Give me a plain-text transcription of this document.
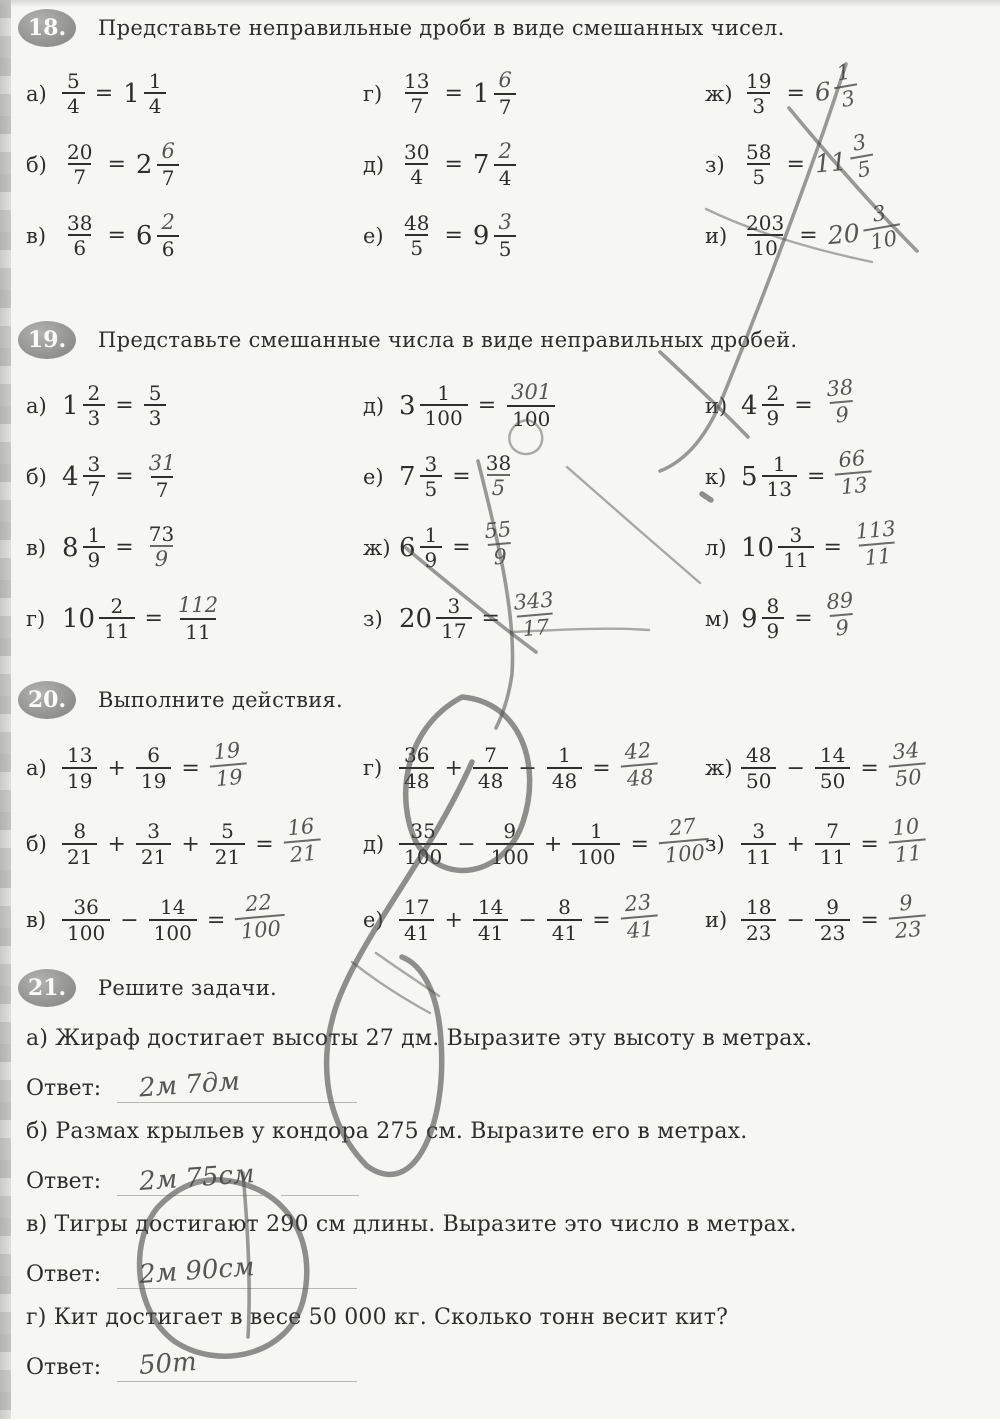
18.	Представьте неправильные дроби в виде смешанных чисел.
$а) \frac{5}{4} = 1 \frac{1}{4}$
$б) \frac{20}{7} = 2 \frac{6}{7}$
$в) \frac{38}{6} = 6 \frac{2}{6}$
$г) \frac{13}{7} = 1 \frac{6}{7}$
$д) \frac{30}{4} = 7 \frac{2}{4}$
$е) \frac{48}{5} = 9 \frac{3}{5}$
$ж) \frac{19}{3} = 6$
$\frac{1}{3}$
$з) \frac{58}{5} = 11$
$\frac{3}{5}$
$и) \frac{203}{10} = 20$
$\frac{3}{10}$
19.	Представьте смешанные числа в виде неправильных дробей.
а) $1 \frac{2}{3} = \frac{5}{3}$
б) $4 \frac{3}{7} = \frac{31}{7}$
в) $8 \frac{1}{9} = \frac{73}{9}$
г) $10 \frac{2}{11} = \frac{112}{11}$
д) $3 \frac{1}{100} = \frac{301}{100}$
е) $7 \frac{3}{5} = \frac{38}{5}$
ж) $6 \frac{1}{9} = \frac{55}{9}$
з) $20 \frac{3}{17} = \frac{343}{17}$
и) $4 \frac{2}{9} = \frac{38}{9}$
к) $5 \frac{1}{13} = \frac{66}{13}$
л) $10 \frac{3}{11} = \frac{113}{11}$
м) $9 \frac{8}{9} = \frac{89}{9}$
20.	Выполните действия.
$а) \frac{13}{19} + \frac{6}{19} = \frac{19}{19}$
$б) \frac{8}{21} + \frac{3}{21} + \frac{5}{21} = \frac{16}{21}$
$в) \frac{36}{100} - \frac{14}{100} = \frac{22}{100}$
$г) \frac{36}{48} + \frac{7}{48} - \frac{1}{48} = \frac{42}{48}$
$д) \frac{35}{100} - \frac{9}{100} + \frac{1}{100} = \frac{27}{100}$
$е) \frac{17}{41} + \frac{14}{41} - \frac{8}{41} = \frac{23}{41}$
$ж) \frac{48}{50} - \frac{14}{50} = \frac{34}{50}$
$з) \frac{3}{11} + \frac{7}{11} = \frac{10}{11}$
$и) \frac{18}{23} - \frac{9}{23} = \frac{9}{23}$
21.	Решите задачи.

а) Жираф достигает высоты 27 дм. Выразите эту высоту в метрах.

Ответ: 2м 7дм

б) Размах крыльев у кондора 275 см. Выразите его в метрах.

Ответ: 2м 75см

в) Тигры достигают 290 см длины. Выразите это число в метрах.

Ответ: 2м 90см

г) Кит достигает в весе 50 000 кг. Сколько тонн весит кит?

Ответ: 50т
